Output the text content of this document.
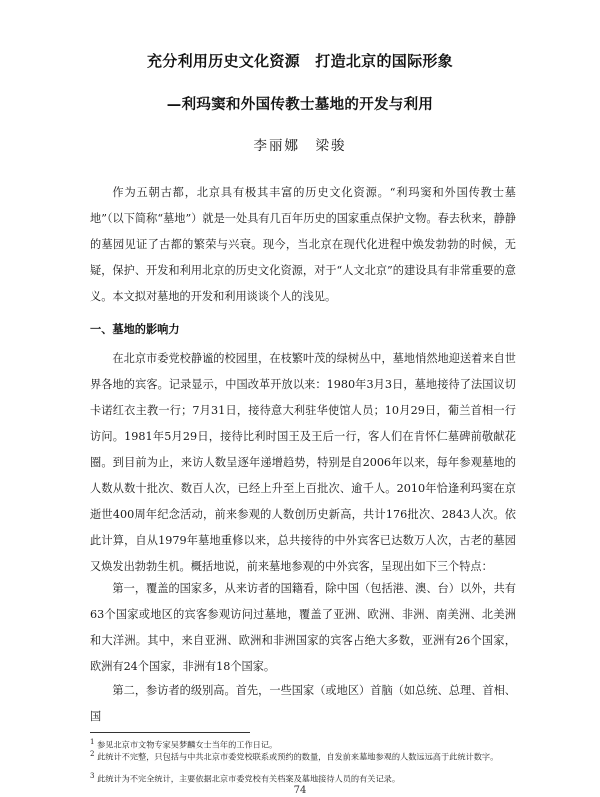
充分利用历史文化资源　打造北京的国际形象
—利玛窦和外国传教士墓地的开发与利用
李丽娜　梁骏

作为五朝古都，北京具有极其丰富的历史文化资源。“利玛窦和外国传教士墓地”（以下简称“墓地”）就是一处具有几百年历史的国家重点保护文物。春去秋来，静静的墓园见证了古都的繁荣与兴衰。现今，当北京在现代化进程中焕发勃勃的时候，无疑，保护、开发和利用北京的历史文化资源，对于“人文北京”的建设具有非常重要的意义。本文拟对墓地的开发和利用谈谈个人的浅见。

一、墓地的影响力

在北京市委党校静谧的校园里，在枝繁叶茂的绿树丛中，墓地悄然地迎送着来自世界各地的宾客。记录显示，中国改革开放以来：1980年3月3日，墓地接待了法国议切卡诺红衣主教一行；7月31日，接待意大利驻华使馆人员；10月29日，葡兰首相一行访问。1981年5月29日，接待比利时国王及王后一行，客人们在肯怀仁墓碑前敬献花圈。到目前为止，来访人数呈逐年递增趋势，特别是自2006年以来，每年参观墓地的人数从数十批次、数百人次，已经上升至上百批次、逾千人。2010年恰逢利玛窦在京逝世400周年纪念活动，前来参观的人数创历史新高，共计176批次、2843人次。依此计算，自从1979年墓地重修以来，总共接待的中外宾客已达数万人次，古老的墓园又焕发出勃勃生机。概括地说，前来墓地参观的中外宾客，呈现出如下三个特点：

第一，覆盖的国家多，从来访者的国籍看，除中国（包括港、澳、台）以外，共有63个国家或地区的宾客参观访问过墓地，覆盖了亚洲、欧洲、非洲、南美洲、北美洲和大洋洲。其中，来自亚洲、欧洲和非洲国家的宾客占绝大多数，亚洲有26个国家，欧洲有24个国家，非洲有18个国家。

第二，参访者的级别高。首先，一些国家（或地区）首脑（如总统、总理、首相、国

$^1$ 参见北京市文物专家吴梦麟女士当年的工作日记。

$^2$ 此统计不完整，只包括与中共北京市委党校联系或预约的数量，自发前来墓地参观的人数远远高于此统计数字。

$^3$ 此统计为不完全统计，主要依据北京市委党校有关档案及墓地接待人员的有关记录。

74
